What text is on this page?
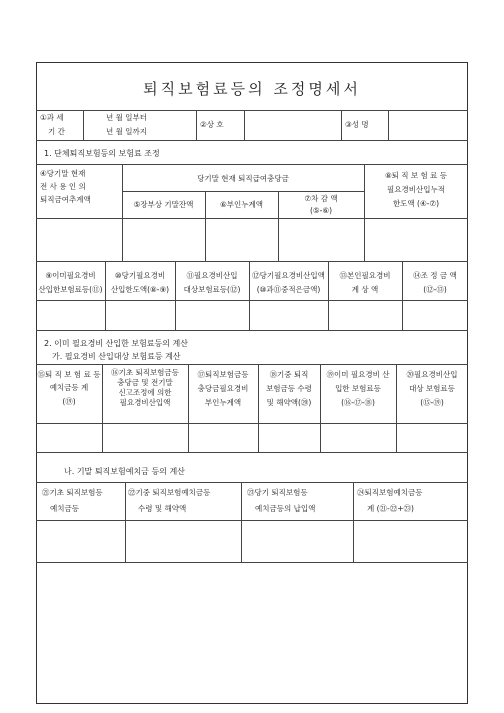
퇴직보험료등의 조정명세서
①과 세
기 간
년 월 일부터
년 월 일까지
②상 호	③성 명
1. 단체퇴직보험등의 보험료 조정
④당기말 현재
전 사 용 인 의
퇴직금여추계액
당기말 현재 퇴직급여충당금
⑤장부상 기말잔액	⑥부인누계액
⑦차 감 액
(⑤-⑥)
⑧퇴 직 보 험 료 등
필요경비산입누적
한도액 (④-⑦)
⑨이미필요경비
산입한보험료등(⑪)
⑩당기필요경비
산입한도액(⑧-⑨)
⑪필요경비산입
대상보험료등(⑫)
⑫당기필요경비산입액
(⑩과⑪중적은금액)
⑬본인필요경비
계 상 액
⑭조 정 금 액
(⑫-⑬)
2. 이미 필요경비 산입한 보험료등의 계산
가. 필요경비 산입대상 보험료등 계산
⑮퇴 직 보 험 료 등
예치금등 계
(⑲)
⑯기초 퇴직보험금등
충당금 및 전기말
신고조정에 의한
필요경비산입액
⑰퇴직보험금등
충당금필요경비
부인누계액
⑱기중 퇴직
보험금등 수령
및 해약액(⑳)
⑲이미 필요경비 산
입한 보험료등
(⑯-⑰-⑱)
⑳필요경비산입
대상 보험료등
(⑮-⑲)
나. 기말 퇴직보험예치금 등의 계산
㉑기초 퇴직보험등
예치금등
㉒기중 퇴직보험예치금등
수령 및 해약액
㉓당기 퇴직보험등
예치금등의 납입액
㉔퇴직보험예치금등
계 (㉑-㉒+㉓)
